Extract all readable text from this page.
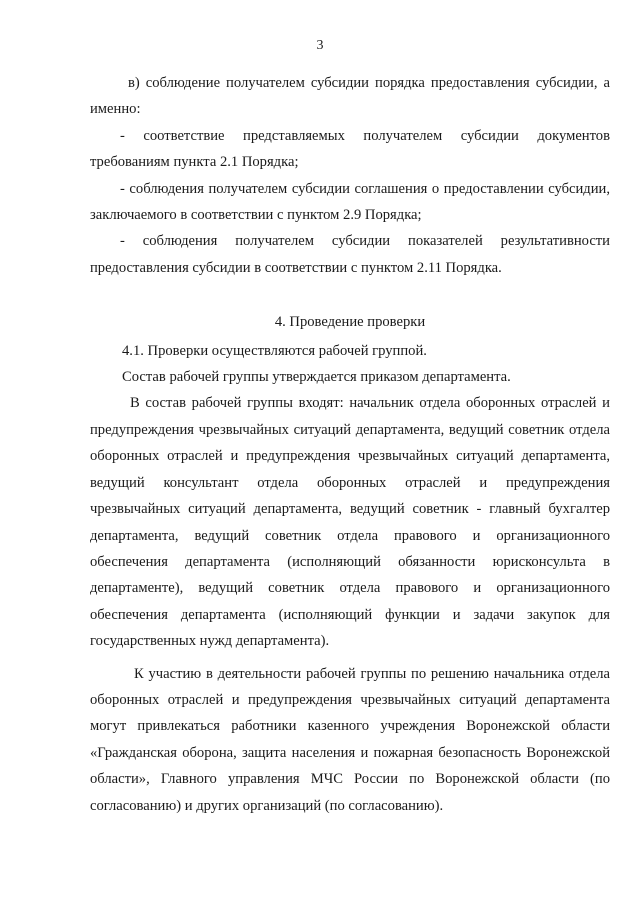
3

в) соблюдение получателем субсидии порядка предоставления субсидии, а именно:

- соответствие представляемых получателем субсидии документов требованиям пункта 2.1 Порядка;

- соблюдения получателем субсидии соглашения о предоставлении субсидии, заключаемого в соответствии с пунктом 2.9 Порядка;

- соблюдения получателем субсидии показателей результативности предоставления субсидии в соответствии с пунктом 2.11 Порядка.

4. Проведение проверки

4.1. Проверки осуществляются рабочей группой.

Состав рабочей группы утверждается приказом департамента.

В состав рабочей группы входят: начальник отдела оборонных отраслей и предупреждения чрезвычайных ситуаций департамента, ведущий советник отдела оборонных отраслей и предупреждения чрезвычайных ситуаций департамента, ведущий консультант отдела оборонных отраслей и предупреждения чрезвычайных ситуаций департамента, ведущий советник - главный бухгалтер департамента, ведущий советник отдела правового и организационного обеспечения департамента (исполняющий обязанности юрисконсульта в департаменте), ведущий советник отдела правового и организационного обеспечения департамента (исполняющий функции и задачи закупок для государственных нужд департамента).

К участию в деятельности рабочей группы по решению начальника отдела оборонных отраслей и предупреждения чрезвычайных ситуаций департамента могут привлекаться работники казенного учреждения Воронежской области «Гражданская оборона, защита населения и пожарная безопасность Воронежской области», Главного управления МЧС России по Воронежской области (по согласованию) и других организаций (по согласованию).
